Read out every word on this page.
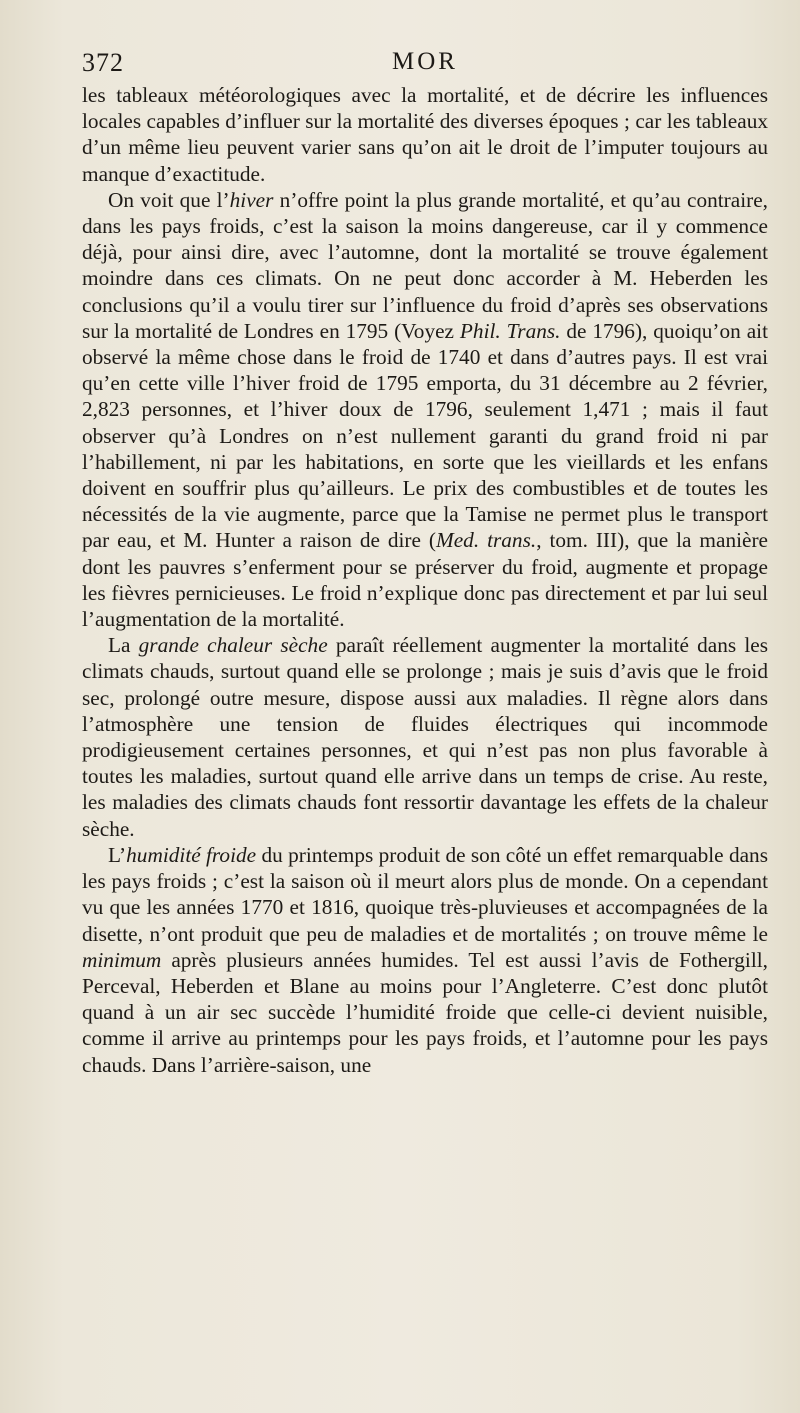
372	MOR

les tableaux météorologiques avec la mortalité, et de décrire les influences locales capables d’influer sur la mortalité des diverses époques ; car les tableaux d’un même lieu peuvent varier sans qu’on ait le droit de l’imputer toujours au manque d’exactitude.

On voit que l’hiver n’offre point la plus grande mortalité, et qu’au contraire, dans les pays froids, c’est la saison la moins dangereuse, car il y commence déjà, pour ainsi dire, avec l’automne, dont la mortalité se trouve également moindre dans ces climats. On ne peut donc accorder à M. Heberden les conclusions qu’il a voulu tirer sur l’influence du froid d’après ses observations sur la mortalité de Londres en 1795 (Voyez Phil. Trans. de 1796), quoiqu’on ait observé la même chose dans le froid de 1740 et dans d’autres pays. Il est vrai qu’en cette ville l’hiver froid de 1795 emporta, du 31 décembre au 2 février, 2,823 personnes, et l’hiver doux de 1796, seulement 1,471 ; mais il faut observer qu’à Londres on n’est nullement garanti du grand froid ni par l’habillement, ni par les habitations, en sorte que les vieillards et les enfans doivent en souffrir plus qu’ailleurs. Le prix des combustibles et de toutes les nécessités de la vie augmente, parce que la Tamise ne permet plus le transport par eau, et M. Hunter a raison de dire (Med. trans., tom. III), que la manière dont les pauvres s’enferment pour se préserver du froid, augmente et propage les fièvres pernicieuses. Le froid n’explique donc pas directement et par lui seul l’augmentation de la mortalité.

La grande chaleur sèche paraît réellement augmenter la mortalité dans les climats chauds, surtout quand elle se prolonge ; mais je suis d’avis que le froid sec, prolongé outre mesure, dispose aussi aux maladies. Il règne alors dans l’atmosphère une tension de fluides électriques qui incommode prodigieusement certaines personnes, et qui n’est pas non plus favorable à toutes les maladies, surtout quand elle arrive dans un temps de crise. Au reste, les maladies des climats chauds font ressortir davantage les effets de la chaleur sèche.

L’humidité froide du printemps produit de son côté un effet remarquable dans les pays froids ; c’est la saison où il meurt alors plus de monde. On a cependant vu que les années 1770 et 1816, quoique très-pluvieuses et accompagnées de la disette, n’ont produit que peu de maladies et de mortalités ; on trouve même le minimum après plusieurs années humides. Tel est aussi l’avis de Fothergill, Perceval, Heberden et Blane au moins pour l’Angleterre. C’est donc plutôt quand à un air sec succède l’humidité froide que celle-ci devient nuisible, comme il arrive au printemps pour les pays froids, et l’automne pour les pays chauds. Dans l’arrière-saison, une
